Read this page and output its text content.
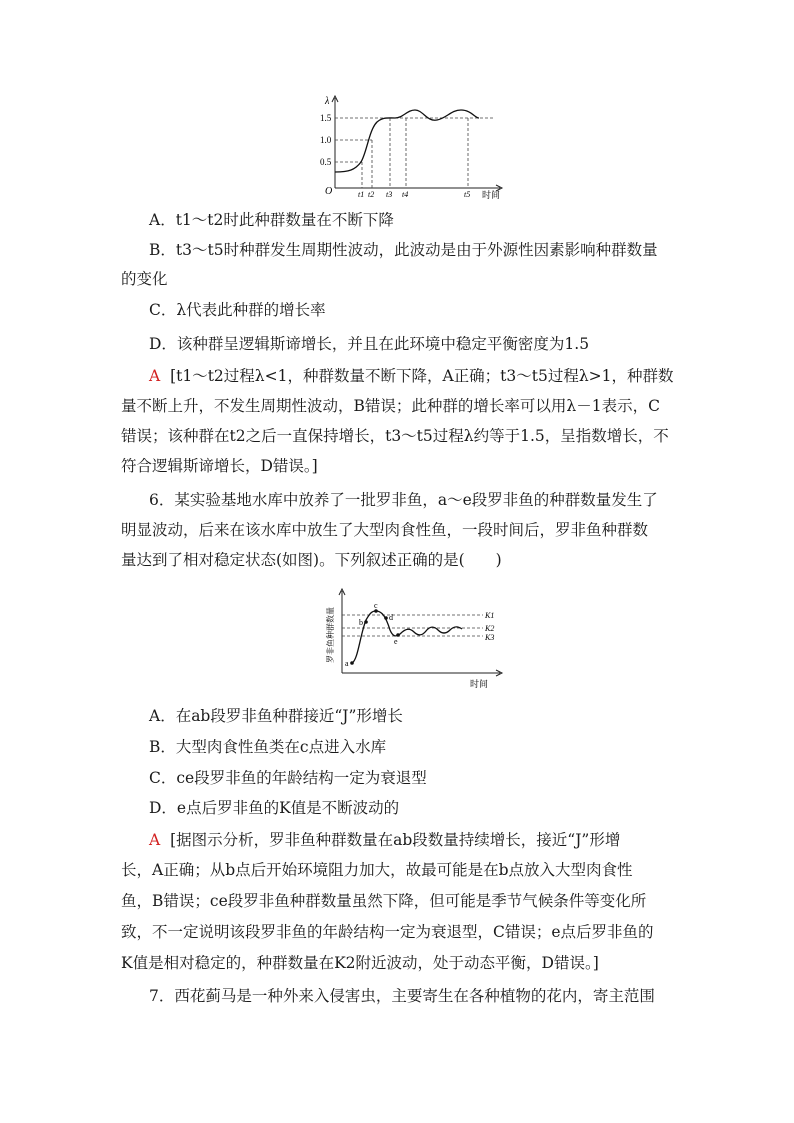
λ
O
1.5
1.0
0.5
t1 t2 t3 t4	t5 时间
A．t1～t2时此种群数量在不断下降
B．t3～t5时种群发生周期性波动，此波动是由于外源性因素影响种群数量
的变化
C．λ代表此种群的增长率
D．该种群呈逻辑斯谛增长，并且在此环境中稳定平衡密度为1.5
A [t1～t2过程λ<1，种群数量不断下降，A正确；t3～t5过程λ>1，种群数
量不断上升，不发生周期性波动，B错误；此种群的增长率可以用λ－1表示，C
错误；该种群在t2之后一直保持增长，t3～t5过程λ约等于1.5，呈指数增长，不
符合逻辑斯谛增长，D错误。]
6．某实验基地水库中放养了一批罗非鱼，a～e段罗非鱼的种群数量发生了
明显波动，后来在该水库中放生了大型肉食性鱼，一段时间后，罗非鱼种群数
量达到了相对稳定状态(如图)。下列叙述正确的是(　　)
a
b
c
d
e
K1
K2
K3
罗非鱼种群数量
时间
A．在ab段罗非鱼种群接近“J”形增长
B．大型肉食性鱼类在c点进入水库
C．ce段罗非鱼的年龄结构一定为衰退型
D．e点后罗非鱼的K值是不断波动的
A [据图示分析，罗非鱼种群数量在ab段数量持续增长，接近“J”形增
长，A正确；从b点后开始环境阻力加大，故最可能是在b点放入大型肉食性
鱼，B错误；ce段罗非鱼种群数量虽然下降，但可能是季节气候条件等变化所
致，不一定说明该段罗非鱼的年龄结构一定为衰退型，C错误；e点后罗非鱼的
K值是相对稳定的，种群数量在K2附近波动，处于动态平衡，D错误。]
7．西花蓟马是一种外来入侵害虫，主要寄生在各种植物的花内，寄主范围
